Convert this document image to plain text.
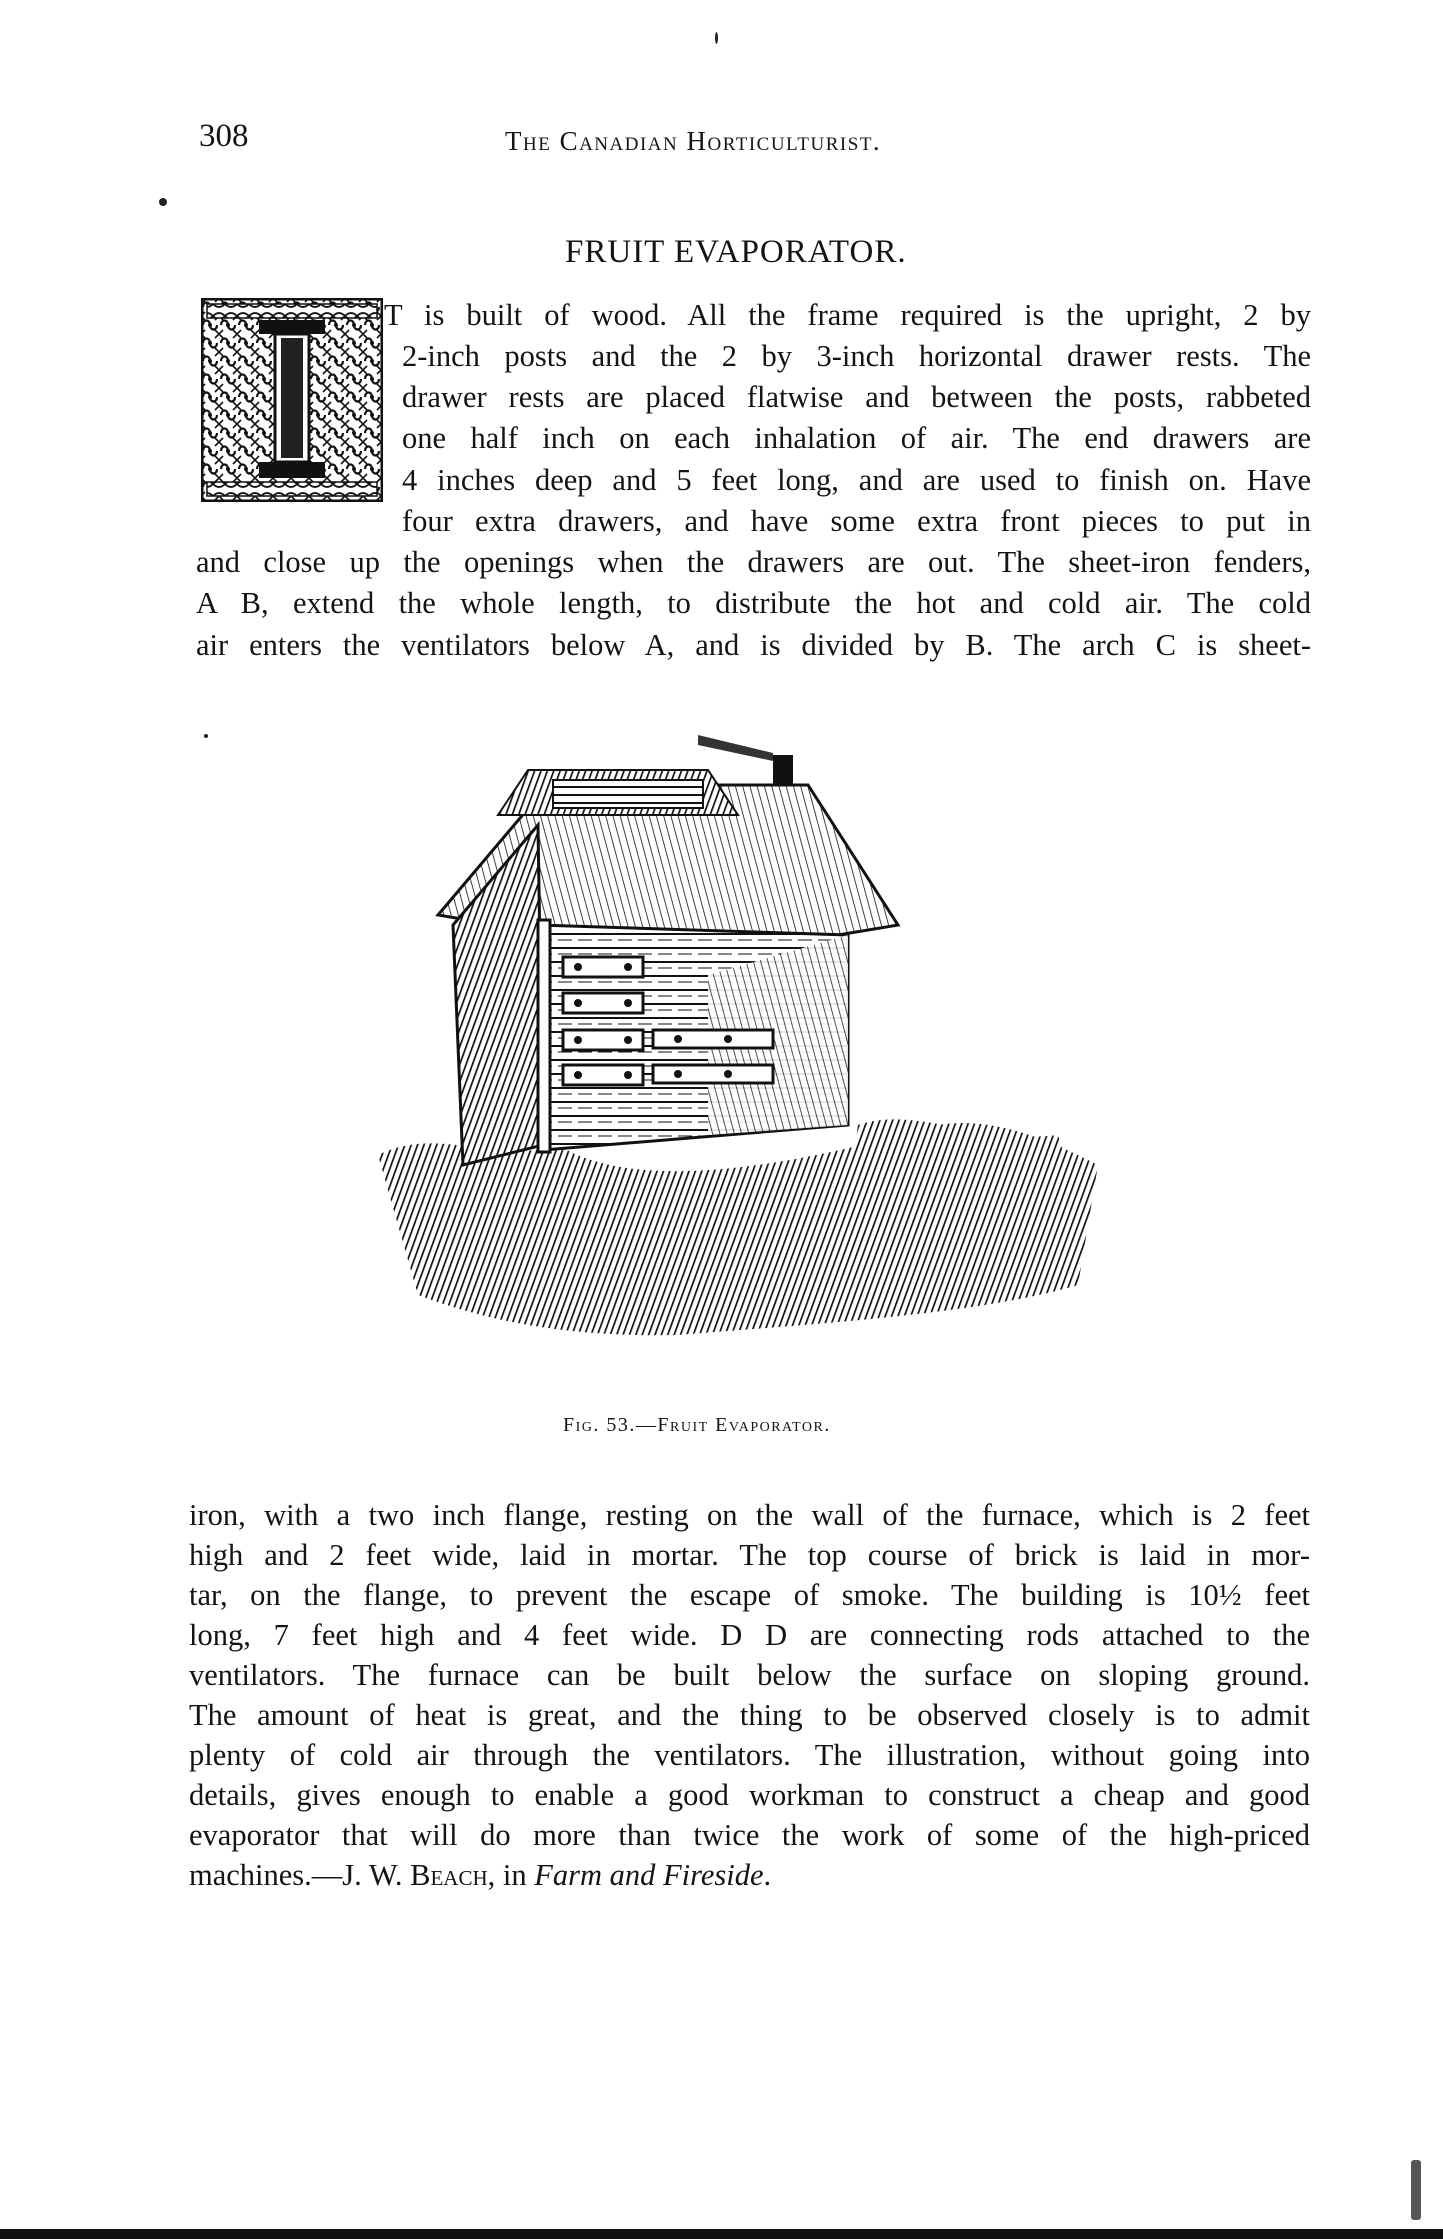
308	The Canadian Horticulturist.
FRUIT EVAPORATOR.
T is built of wood. All the frame required is the upright, 2 by
2-inch posts and the 2 by 3-inch horizontal drawer rests. The
drawer rests are placed flatwise and between the posts, rabbeted
one half inch on each inhalation of air. The end drawers are
4 inches deep and 5 feet long, and are used to finish on. Have
four extra drawers, and have some extra front pieces to put in
and close up the openings when the drawers are out. The sheet-iron fenders,
A B, extend the whole length, to distribute the hot and cold air. The cold
air enters the ventilators below A, and is divided by B. The arch C is sheet-
Fig. 53.—Fruit Evaporator.
iron, with a two inch flange, resting on the wall of the furnace, which is 2 feet
high and 2 feet wide, laid in mortar. The top course of brick is laid in mor-
tar, on the flange, to prevent the escape of smoke. The building is 10½ feet
long, 7 feet high and 4 feet wide. D D are connecting rods attached to the
ventilators. The furnace can be built below the surface on sloping ground.
The amount of heat is great, and the thing to be observed closely is to admit
plenty of cold air through the ventilators. The illustration, without going into
details, gives enough to enable a good workman to construct a cheap and good
evaporator that will do more than twice the work of some of the high-priced
machines.—J. W. Beach, in Farm and Fireside.
